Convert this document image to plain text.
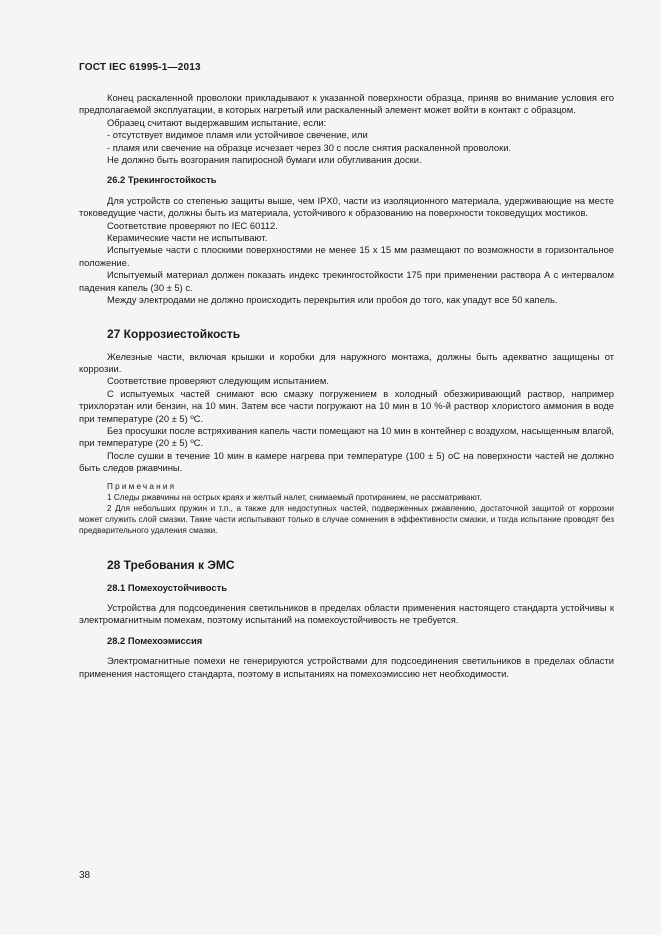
ГОСТ IEC 61995-1—2013

Конец раскаленной проволоки прикладывают к указанной поверхности образца, приняв во внимание условия его предполагаемой эксплуатации, в которых нагретый или раскаленный элемент может войти в контакт с образцом.

Образец считают выдержавшим испытание, если:

- отсутствует видимое пламя или устойчивое свечение, или

- пламя или свечение на образце исчезает через 30 с после снятия раскаленной проволоки.

Не должно быть возгорания папиросной бумаги или обугливания доски.

26.2 Трекингостойкость

Для устройств со степенью защиты выше, чем IPX0, части из изоляционного материала, удерживающие на месте токоведущие части, должны быть из материала, устойчивого к образованию на поверхности токоведущих мостиков.

Соответствие проверяют по IEC 60112.

Керамические части не испытывают.

Испытуемые части с плоскими поверхностями не менее 15 х 15 мм размещают по возможности в горизонтальное положение.

Испытуемый материал должен показать индекс трекингостойкости 175 при применении раствора А с интервалом падения капель (30 ± 5) с.

Между электродами не должно происходить перекрытия или пробоя до того, как упадут все 50 капель.

27 Коррозиестойкость

Железные части, включая крышки и коробки для наружного монтажа, должны быть адекватно защищены от коррозии.

Соответствие проверяют следующим испытанием.

С испытуемых частей снимают всю смазку погружением в холодный обезжиривающий раствор, например трихлорэтан или бензин, на 10 мин. Затем все части погружают на 10 мин в 10 %-й раствор хлористого аммония в воде при температуре (20 ± 5) ºС.

Без просушки после встряхивания капель части помещают на 10 мин в контейнер с воздухом, насыщенным влагой, при температуре (20 ± 5) ºС.

После сушки в течение 10 мин в камере нагрева при температуре (100 ± 5) оС на поверхности частей не должно быть следов ржавчины.

Примечания

1 Следы ржавчины на острых краях и желтый налет, снимаемый протиранием, не рассматривают.

2 Для небольших пружин и т.п., а также для недоступных частей, подверженных ржавлению, достаточной защитой от коррозии может служить слой смазки. Такие части испытывают только в случае сомнения в эффективности смазки, и тогда испытание проводят без предварительного удаления смазки.

28 Требования к ЭМС
28.1 Помехоустойчивость

Устройства для подсоединения светильников в пределах области применения настоящего стандарта устойчивы к электромагнитным помехам, поэтому испытаний на помехоустойчивость не требуется.

28.2 Помехоэмиссия

Электромагнитные помехи не генерируются устройствами для подсоединения светильников в пределах области применения настоящего стандарта, поэтому в испытаниях на помехоэмиссию нет необходимости.

38
